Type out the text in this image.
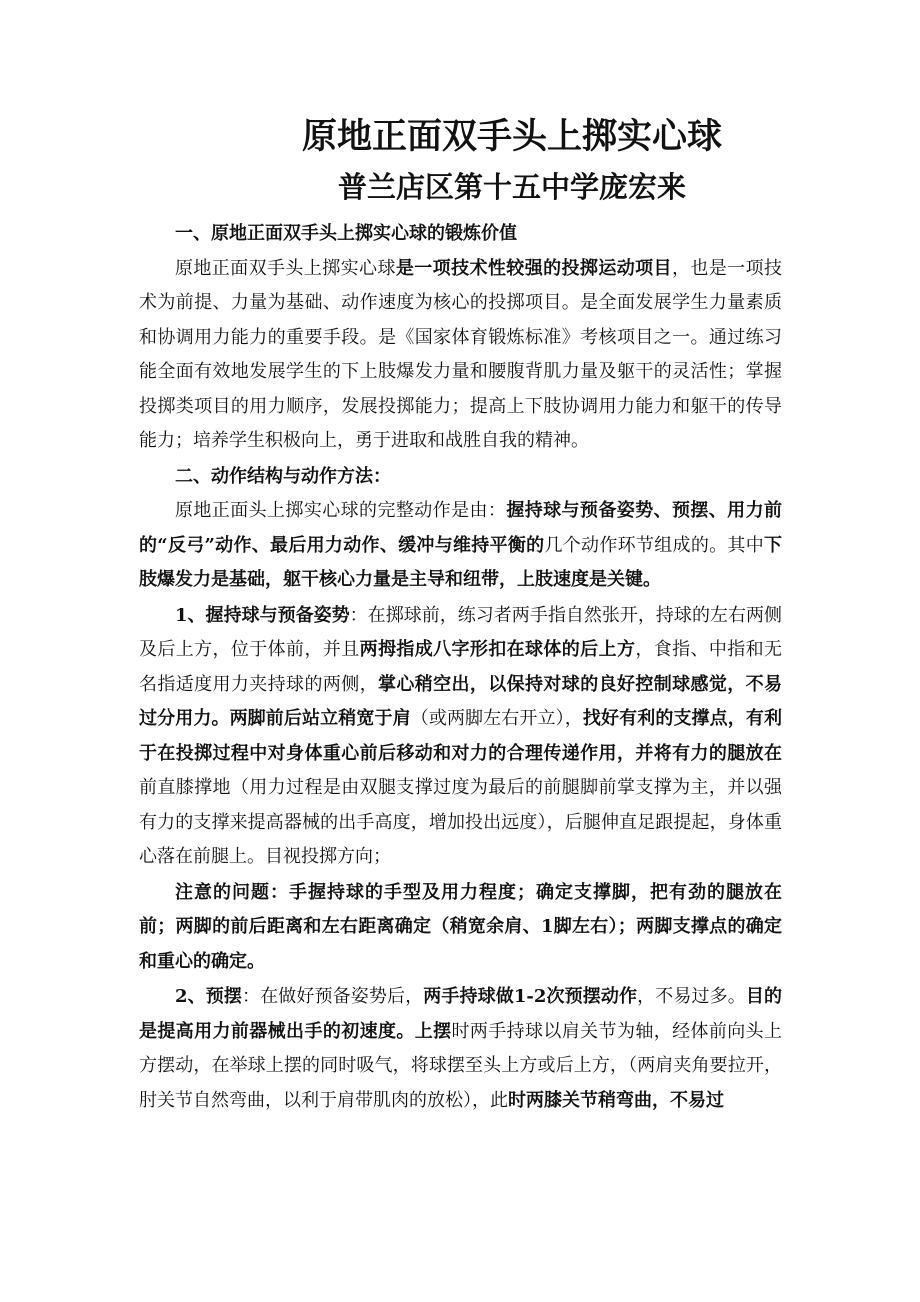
原地正面双手头上掷实心球
普兰店区第十五中学庞宏来

一、原地正面双手头上掷实心球的锻炼价值

原地正面双手头上掷实心球是一项技术性较强的投掷运动项目，也是一项技术为前提、力量为基础、动作速度为核心的投掷项目。是全面发展学生力量素质和协调用力能力的重要手段。是《国家体育锻炼标准》考核项目之一。通过练习能全面有效地发展学生的下上肢爆发力量和腰腹背肌力量及躯干的灵活性；掌握投掷类项目的用力顺序，发展投掷能力；提高上下肢协调用力能力和躯干的传导能力；培养学生积极向上，勇于进取和战胜自我的精神。

二、动作结构与动作方法：

原地正面头上掷实心球的完整动作是由：握持球与预备姿势、预摆、用力前的“反弓”动作、最后用力动作、缓冲与维持平衡的几个动作环节组成的。其中下肢爆发力是基础，躯干核心力量是主导和纽带，上肢速度是关键。

1、握持球与预备姿势：在掷球前，练习者两手指自然张开，持球的左右两侧及后上方，位于体前，并且两拇指成八字形扣在球体的后上方，食指、中指和无名指适度用力夹持球的两侧，掌心稍空出，以保持对球的良好控制球感觉，不易过分用力。两脚前后站立稍宽于肩（或两脚左右开立），找好有利的支撑点，有利于在投掷过程中对身体重心前后移动和对力的合理传递作用，并将有力的腿放在前直膝撑地（用力过程是由双腿支撑过度为最后的前腿脚前掌支撑为主，并以强有力的支撑来提高器械的出手高度，增加投出远度），后腿伸直足跟提起，身体重心落在前腿上。目视投掷方向；

注意的问题：手握持球的手型及用力程度；确定支撑脚，把有劲的腿放在前；两脚的前后距离和左右距离确定（稍宽余肩、1脚左右）；两脚支撑点的确定和重心的确定。

2、预摆：在做好预备姿势后，两手持球做1-2次预摆动作，不易过多。目的是提高用力前器械出手的初速度。上摆时两手持球以肩关节为轴，经体前向头上方摆动，在举球上摆的同时吸气，将球摆至头上方或后上方，（两肩夹角要拉开，肘关节自然弯曲，以利于肩带肌肉的放松），此时两膝关节稍弯曲，不易过
